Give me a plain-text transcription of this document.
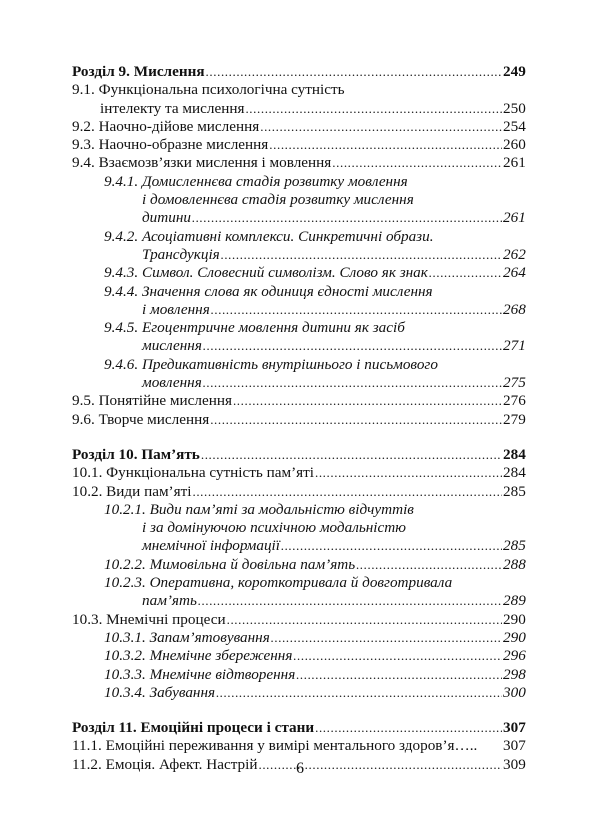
Розділ 9. Мислення .....	249
9.1. Функціональна психологічна сутність
інтелекту та мислення .....	250
9.2. Наочно-дійове мислення .....	254
9.3. Наочно-образне мислення .....	260
9.4. Взаємозв’язки мислення і мовлення .....	261
9.4.1. Домисленнєва стадія розвитку мовлення
і домовленнєва стадія розвитку мислення
дитини .....	261
9.4.2. Асоціативні комплекси. Синкретичні образи.
Трансдукція .....	262
9.4.3. Символ. Словесний символізм. Слово як знак .....	264
9.4.4. Значення слова як одиниця єдності мислення
і мовлення .....	268
9.4.5. Егоцентричне мовлення дитини як засіб
мислення .....	271
9.4.6. Предикативність внутрішнього і письмового
мовлення .....	275
9.5. Понятійне мислення .....	276
9.6. Творче мислення .....	279
Розділ 10. Пам’ять .....	284
10.1. Функціональна сутність пам’яті .....	284
10.2. Види пам’яті .....	285
10.2.1. Види пам’яті за модальністю відчуттів
і за домінуючою психічною модальністю
мнемічної інформації .....	285
10.2.2. Мимовільна й довільна пам’ять .....	288
10.2.3. Оперативна, короткотривала й довготривала
пам’ять .....	289
10.3. Мнемічні процеси .....	290
10.3.1. Запам’ятовування .....	290
10.3.2. Мнемічне збереження .....	296
10.3.3. Мнемічне відтворення .....	298
10.3.4. Забування .....	300
Розділ 11. Емоційні процеси і стани .....	307
11.1. Емоційні переживання у вимірі ментального здоров’я….. 307
11.2. Емоція. Афект. Настрій .....	309
6
